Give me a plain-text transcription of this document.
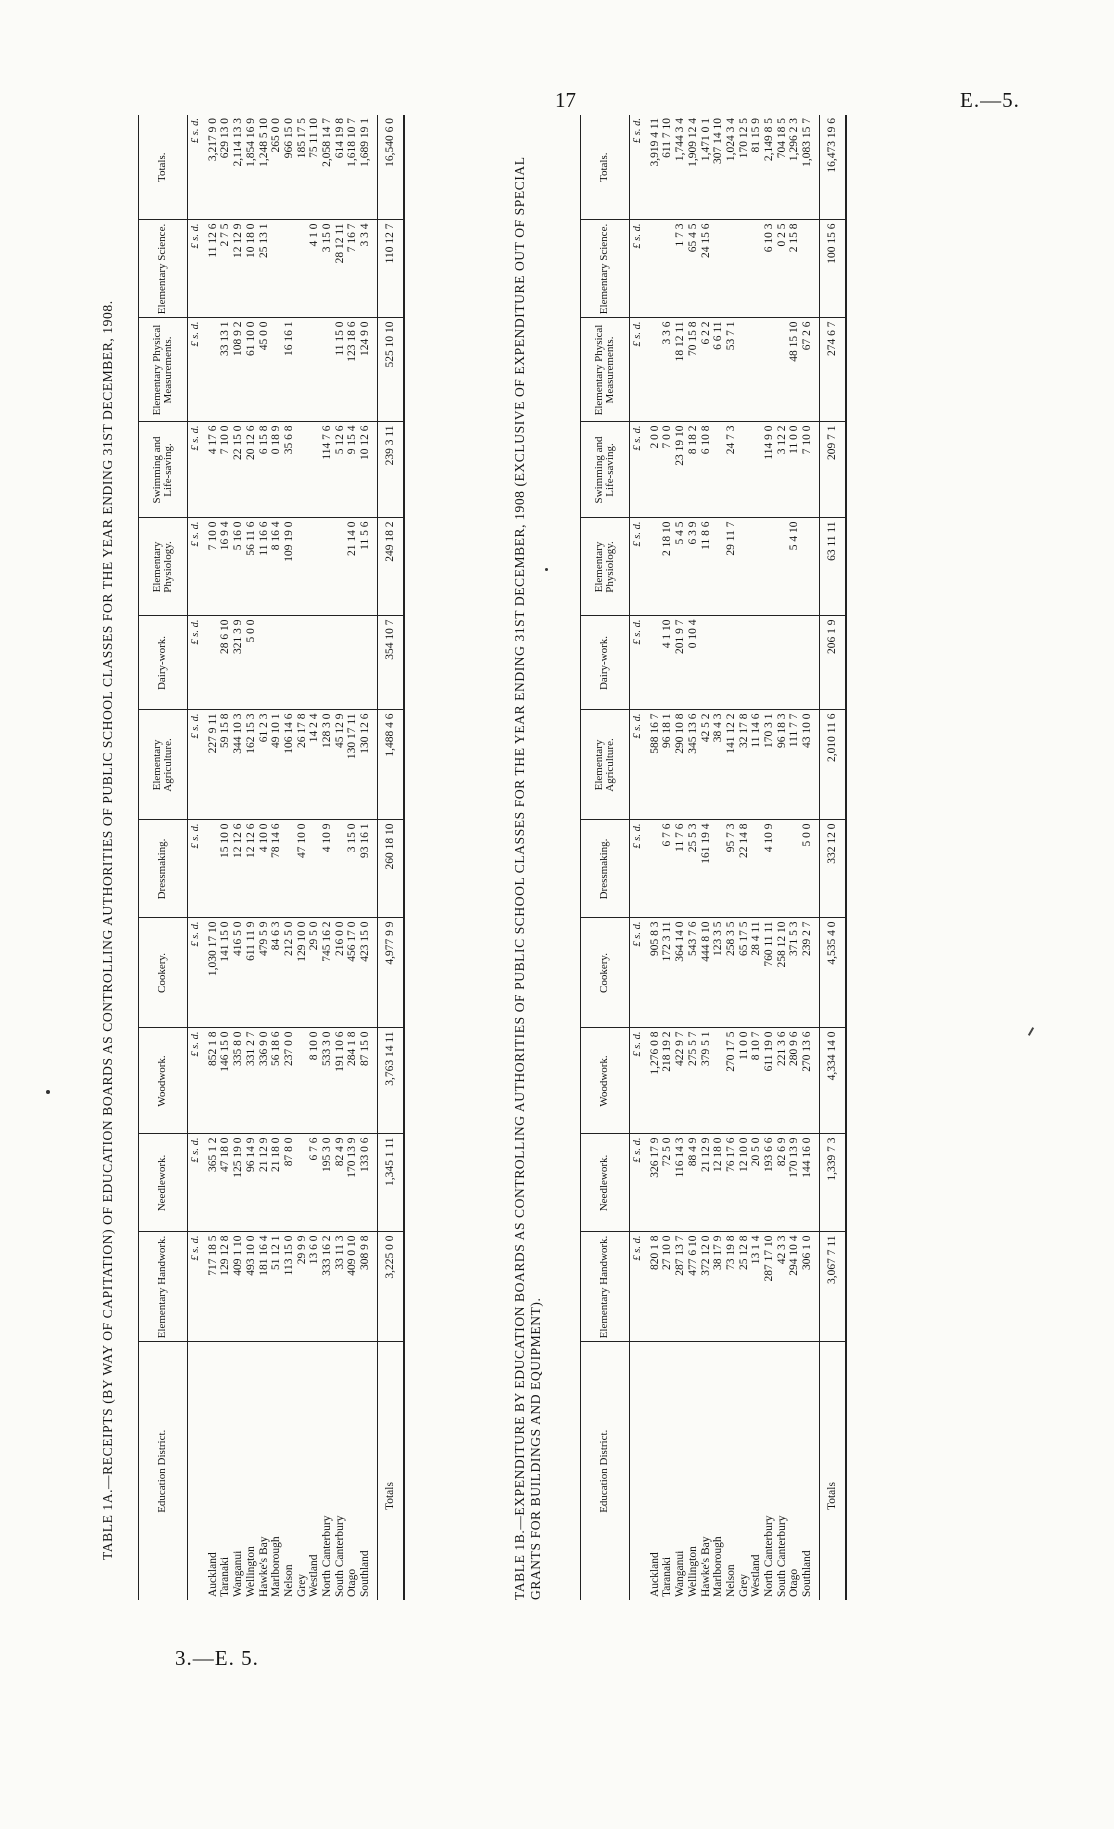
17	E.—5.
3.—E. 5.
TABLE 1A.—RECEIPTS (BY WAY OF CAPITATION) OF EDUCATION BOARDS AS CONTROLLING AUTHORITIES OF PUBLIC SCHOOL CLASSES FOR THE YEAR ENDING 31ST DECEMBER, 1908.	Education District.	Elementary Handwork.	Needlework.	Woodwork.	Cookery.	Dressmaking.	Elementary Agriculture.	Dairy-work.	Elementary Physiology.	Swimming and Life-saving.	Elementary Physical Measurements.	Elementary Science.	Totals.
	£ s. d.	£ s. d.	£ s. d.	£ s. d.	£ s. d.	£ s. d.	£ s. d.	£ s. d.	£ s. d.	£ s. d.	£ s. d.	£ s. d.
Auckland	717 18 5	365 1 2	852 1 8	1,030 17 10		227 9 11		7 10 0	4 17 6		11 12 6	3,217 9 0
Taranaki	129 12 8	47 18 0	146 15 0	141 15 0	15 10 0	59 15 8	28 6 10	16 9 4	7 10 0	33 13 1	2 7 5	629 13 0
Wanganui	409 1 10	125 19 0	335 8 0	416 5 0	12 12 6	344 10 3	321 3 9	5 16 0	22 15 0	108 9 2	12 12 9	2,114 13 3
Wellington	493 10 0	96 14 9	331 2 7	611 11 9	12 12 6	162 15 3	5 0 0	56 11 6	20 12 6	61 10 0	10 18 0	1,854 16 9
Hawke's Bay	181 16 4	21 12 9	336 9 0	479 5 9	4 10 0	61 2 3		11 16 6	6 15 8	45 0 0	25 13 1	1,248 5 10
Marlborough	51 12 1	21 18 0	56 18 6	84 6 3	78 14 6	49 10 1		8 16 4	0 18 9			265 0 0
Nelson	113 15 0	87 8 0	237 0 0	212 5 0		106 14 6		109 19 0	35 6 8	16 16 1		966 15 0
Grey	29 9 9			129 10 0	47 10 0	26 17 8						185 17 5
Westland	13 6 0	6 7 6	8 10 0	29 5 0		14 2 4					4 1 0	75 11 10
North Canterbury	333 16 2	195 3 0	533 3 0	745 16 2	4 10 9	128 3 0			114 7 6		3 15 0	2,058 14 7
South Canterbury	33 11 3	82 4 9	191 10 6	216 0 0		45 12 9			5 12 6	11 15 0	28 12 11	614 19 8
Otago	409 0 10	170 13 9	284 1 8	456 17 0	3 15 0	130 17 11		21 14 0	9 15 4	123 18 6	7 16 7	1,618 10 7
Southland	308 9 8	133 0 6	87 15 0	423 15 0	93 16 1	130 12 6		11 5 6	10 12 6	124 9 0	3 3 4	1,689 19 1
Totals	3,225 0 0	1,345 1 11	3,763 14 11	4,977 9 9	260 18 10	1,488 4 6	354 10 7	249 18 2	239 3 11	525 10 10	110 12 7	16,540 6 0
TABLE 1B.—EXPENDITURE BY EDUCATION BOARDS AS CONTROLLING AUTHORITIES OF PUBLIC SCHOOL CLASSES FOR THE YEAR ENDING 31ST DECEMBER, 1908 (EXCLUSIVE OF EXPENDITURE OUT OF SPECIAL GRANTS FOR BUILDINGS AND EQUIPMENT).	Education District.	Elementary Handwork.	Needlework.	Woodwork.	Cookery.	Dressmaking.	Elementary Agriculture.	Dairy-work.	Elementary Physiology.	Swimming and Life-saving.	Elementary Physical Measurements.	Elementary Science.	Totals.
	£ s. d.	£ s. d.	£ s. d.	£ s. d.	£ s. d.	£ s. d.	£ s. d.	£ s. d.	£ s. d.	£ s. d.	£ s. d.	£ s. d.
Auckland	820 1 8	326 17 9	1,276 0 8	905 8 3		588 16 7			2 0 0			3,919 4 11
Taranaki	27 10 0	72 5 0	218 19 2	172 3 11	6 7 6	96 18 1	4 1 10	2 18 10	7 0 0	3 3 6		611 7 10
Wanganui	287 13 7	116 14 3	422 9 7	364 14 0	11 7 6	290 10 8	201 9 7	5 4 5	23 19 10	18 12 11	1 7 3	1,744 3 4
Wellington	477 6 10	88 4 9	275 5 7	543 7 6	25 5 3	345 13 6	0 10 4	6 3 9	8 18 2	70 15 8	65 4 5	1,909 12 4
Hawke's Bay	372 12 0	21 12 9	379 5 1	444 8 10	161 19 4	42 5 2		11 8 6	6 10 8	6 2 2	24 15 6	1,471 0 1
Marlborough	38 17 9	12 18 0		123 3 5		38 4 3				6 6 11		307 14 10
Nelson	73 19 8	76 17 6	270 17 5	258 3 5	95 7 3	141 12 2		29 11 7	24 7 3	53 7 1		1,024 3 4
Grey	25 12 8	12 10 0	11 0 0	65 17 5	22 14 8	32 17 8						170 12 5
Westland	13 1 4	20 5 0	8 10 7	28 4 11		11 14 6						81 15 9
North Canterbury	287 17 10	193 6 6	611 19 0	760 11 11	4 10 9	170 3 1			114 9 0		6 10 3	2,149 8 5
South Canterbury	42 3 3	82 6 9	221 3 6	258 12 10		96 18 3			3 12 2		0 2 5	704 18 5
Otago	294 10 4	170 13 9	280 9 6	371 5 3		111 7 7		5 4 10	11 0 0	48 15 10	2 15 8	1,296 2 3
Southland	306 1 0	144 16 0	270 13 6	239 2 7	5 0 0	43 10 0			7 10 0	67 2 6		1,083 15 7
Totals	3,067 7 11	1,339 7 3	4,334 14 0	4,535 4 0	332 12 0	2,010 11 6	206 1 9	63 11 11	209 7 1	274 6 7	100 15 6	16,473 19 6
